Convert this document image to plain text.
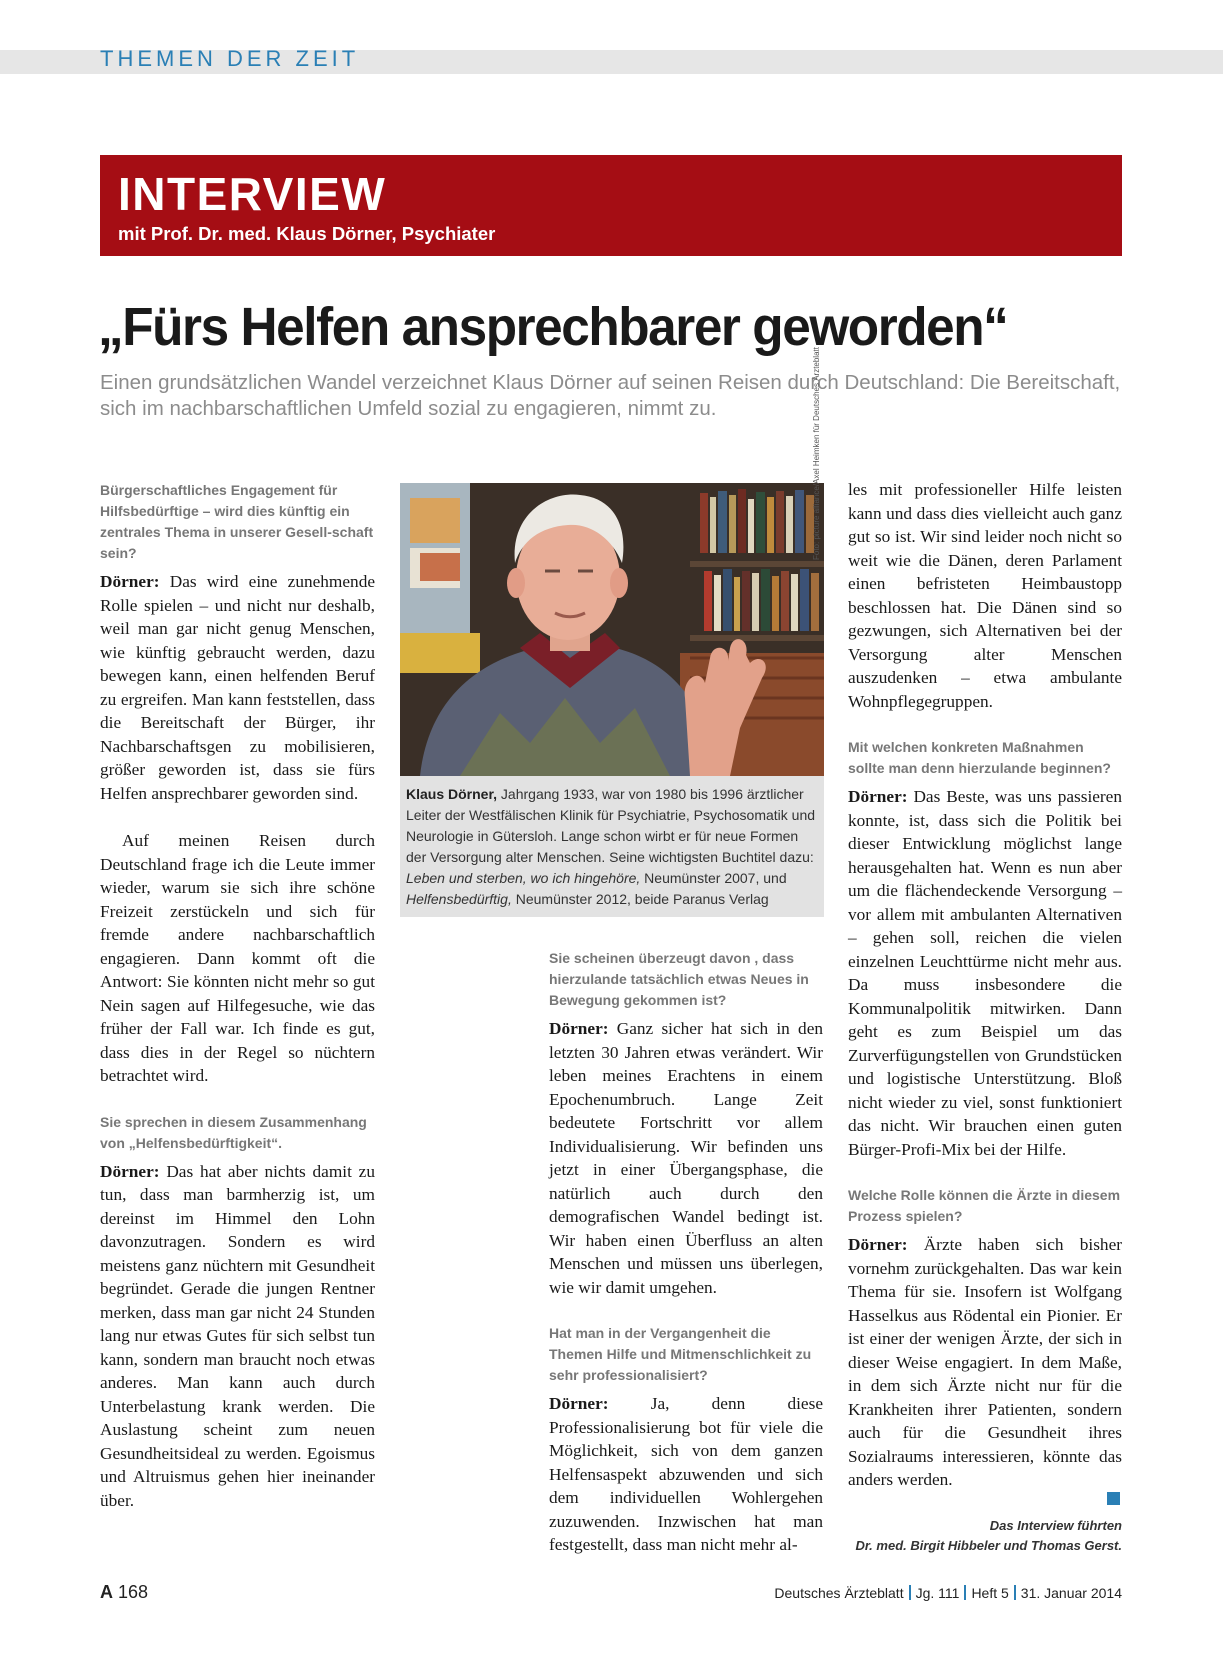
THEMEN DER ZEIT
INTERVIEW
mit Prof. Dr. med. Klaus Dörner, Psychiater
„Fürs Helfen ansprechbarer geworden“
Einen grundsätzlichen Wandel verzeichnet Klaus Dörner auf seinen Reisen durch Deutschland: Die Bereitschaft, sich im nachbarschaftlichen Umfeld sozial zu engagieren, nimmt zu.
Bürgerschaftliches Engagement für Hilfsbedürftige – wird dies künftig ein zentrales Thema in unserer Gesell-schaft sein?
Dörner: Das wird eine zunehmende Rolle spielen – und nicht nur deshalb, weil man gar nicht genug Menschen, wie künftig gebraucht werden, dazu bewegen kann, einen helfenden Beruf zu ergreifen. Man kann feststellen, dass die Bereitschaft der Bürger, ihr Nachbarschaftsgen zu mobilisieren, größer geworden ist, dass sie fürs Helfen ansprechbarer geworden sind.
Auf meinen Reisen durch Deutschland frage ich die Leute immer wieder, warum sie sich ihre schöne Freizeit zerstückeln und sich für fremde andere nachbarschaftlich engagieren. Dann kommt oft die Antwort: Sie könnten nicht mehr so gut Nein sagen auf Hilfegesuche, wie das früher der Fall war. Ich finde es gut, dass dies in der Regel so nüchtern betrachtet wird.
Sie sprechen in diesem Zusammenhang von „Helfensbedürftigkeit“.
Dörner: Das hat aber nichts damit zu tun, dass man barmherzig ist, um dereinst im Himmel den Lohn davonzutragen. Sondern es wird meistens ganz nüchtern mit Gesundheit begründet. Gerade die jungen Rentner merken, dass man gar nicht 24 Stunden lang nur etwas Gutes für sich selbst tun kann, sondern man braucht noch etwas anderes. Man kann auch durch Unterbelastung krank werden. Die Auslastung scheint zum neuen Gesundheitsideal zu werden. Egoismus und Altruismus gehen hier ineinander über.
Foto: picture alliance/Axel Heimken für Deutsches Ärzteblatt
Klaus Dörner, Jahrgang 1933, war von 1980 bis 1996 ärztlicher Leiter der Westfälischen Klinik für Psychiatrie, Psychosomatik und Neurologie in Gütersloh. Lange schon wirbt er für neue Formen der Versorgung alter Menschen. Seine wichtigsten Buchtitel dazu: Leben und sterben, wo ich hingehöre, Neumünster 2007, und Helfensbedürftig, Neumünster 2012, beide Paranus Verlag
Sie scheinen überzeugt davon , dass hierzulande tatsächlich etwas Neues in Bewegung gekommen ist?
Dörner: Ganz sicher hat sich in den letzten 30 Jahren etwas verändert. Wir leben meines Erachtens in einem Epochenumbruch. Lange Zeit bedeutete Fortschritt vor allem Individualisierung. Wir befinden uns jetzt in einer Übergangsphase, die natürlich auch durch den demografischen Wandel bedingt ist. Wir haben einen Überfluss an alten Menschen und müssen uns überlegen, wie wir damit umgehen.
Hat man in der Vergangenheit die Themen Hilfe und Mitmenschlichkeit zu sehr professionalisiert?
Dörner: Ja, denn diese Professionalisierung bot für viele die Möglichkeit, sich von dem ganzen Helfensaspekt abzuwenden und sich dem individuellen Wohlergehen zuzuwenden. Inzwischen hat man festgestellt, dass man nicht mehr al-
les mit professioneller Hilfe leisten kann und dass dies vielleicht auch ganz gut so ist. Wir sind leider noch nicht so weit wie die Dänen, deren Parlament einen befristeten Heimbaustopp beschlossen hat. Die Dänen sind so gezwungen, sich Alternativen bei der Versorgung alter Menschen auszudenken – etwa ambulante Wohnpflegegruppen.
Mit welchen konkreten Maßnahmen sollte man denn hierzulande beginnen?
Dörner: Das Beste, was uns passieren konnte, ist, dass sich die Politik bei dieser Entwicklung möglichst lange herausgehalten hat. Wenn es nun aber um die flächendeckende Versorgung – vor allem mit ambulanten Alternativen – gehen soll, reichen die vielen einzelnen Leuchttürme nicht mehr aus. Da muss insbesondere die Kommunalpolitik mitwirken. Dann geht es zum Beispiel um das Zurverfügungstellen von Grundstücken und logistische Unterstützung. Bloß nicht wieder zu viel, sonst funktioniert das nicht. Wir brauchen einen guten Bürger-Profi-Mix bei der Hilfe.
Welche Rolle können die Ärzte in diesem Prozess spielen?
Dörner: Ärzte haben sich bisher vornehm zurückgehalten. Das war kein Thema für sie. Insofern ist Wolfgang Hasselkus aus Rödental ein Pionier. Er ist einer der wenigen Ärzte, der sich in dieser Weise engagiert. In dem Maße, in dem sich Ärzte nicht nur für die Krankheiten ihrer Patienten, sondern auch für die Gesundheit ihres Sozialraums interessieren, könnte das anders werden.
Das Interview führten
Dr. med. Birgit Hibbeler und Thomas Gerst.
A 168	Deutsches Ärzteblatt Jg. 111 Heft 5 31. Januar 2014
